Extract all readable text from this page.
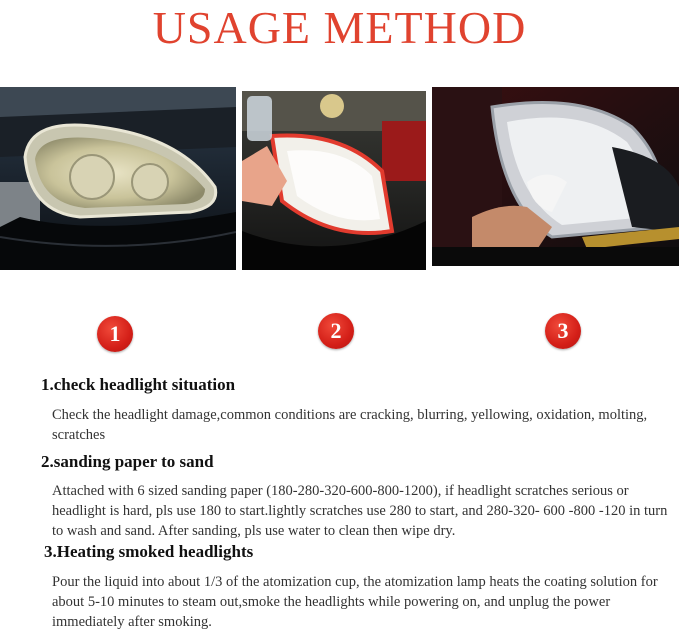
USAGE METHOD
1	2	3
1.check headlight situation
Check the headlight damage,common conditions are cracking, blurring, yellowing, oxidation, molting, scratches
2.sanding paper to sand
Attached with 6 sized sanding paper (180-280-320-600-800-1200), if headlight scratches serious or headlight is hard, pls use 180 to start.lightly scratches use 280 to start, and 280-320- 600 -800 -120 in turn to wash and sand. After sanding, pls use water to clean then wipe dry.
3.Heating smoked headlights
Pour the liquid into about 1/3 of the atomization cup, the atomization lamp heats the coating solution for about 5-10 minutes to steam out,smoke the headlights while powering on, and unplug the power immediately after smoking.
